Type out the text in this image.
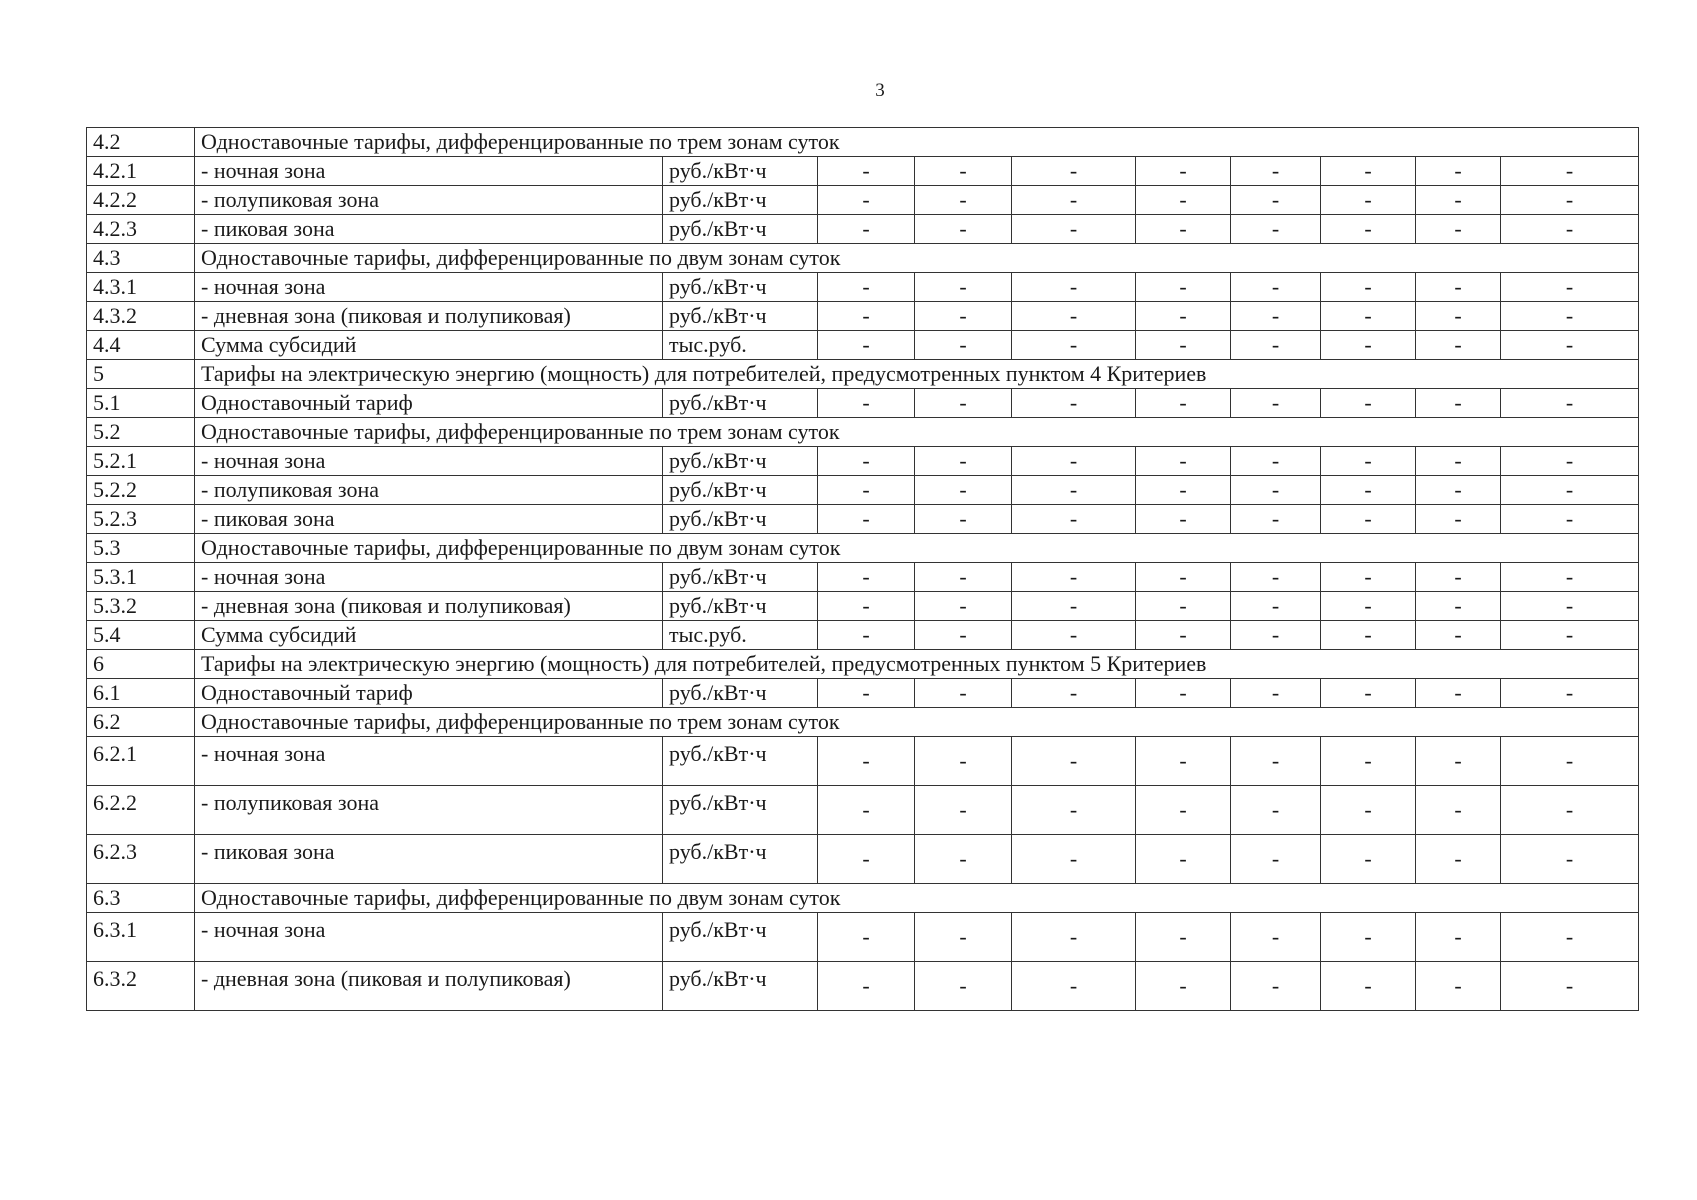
3
4.2	Одноставочные тарифы, дифференцированные по трем зонам суток									
4.2.1	- ночная зона	руб./кВт·ч	-	-	-	-	-	-	-	-
4.2.2	- полупиковая зона	руб./кВт·ч	-	-	-	-	-	-	-	-
4.2.3	- пиковая зона	руб./кВт·ч	-	-	-	-	-	-	-	-
4.3	Одноставочные тарифы, дифференцированные по двум зонам суток									
4.3.1	- ночная зона	руб./кВт·ч	-	-	-	-	-	-	-	-
4.3.2	- дневная зона (пиковая и полупиковая)	руб./кВт·ч	-	-	-	-	-	-	-	-
4.4	Сумма субсидий	тыс.руб.	-	-	-	-	-	-	-	-
5	Тарифы на электрическую энергию (мощность) для потребителей, предусмотренных пунктом 4 Критериев									
5.1	Одноставочный тариф	руб./кВт·ч	-	-	-	-	-	-	-	-
5.2	Одноставочные тарифы, дифференцированные по трем зонам суток									
5.2.1	- ночная зона	руб./кВт·ч	-	-	-	-	-	-	-	-
5.2.2	- полупиковая зона	руб./кВт·ч	-	-	-	-	-	-	-	-
5.2.3	- пиковая зона	руб./кВт·ч	-	-	-	-	-	-	-	-
5.3	Одноставочные тарифы, дифференцированные по двум зонам суток									
5.3.1	- ночная зона	руб./кВт·ч	-	-	-	-	-	-	-	-
5.3.2	- дневная зона (пиковая и полупиковая)	руб./кВт·ч	-	-	-	-	-	-	-	-
5.4	Сумма субсидий	тыс.руб.	-	-	-	-	-	-	-	-
6	Тарифы на электрическую энергию (мощность) для потребителей, предусмотренных пунктом 5 Критериев									
6.1	Одноставочный тариф	руб./кВт·ч	-	-	-	-	-	-	-	-
6.2	Одноставочные тарифы, дифференцированные по трем зонам суток									
6.2.1	- ночная зона	руб./кВт·ч	-	-	-	-	-	-	-	-
6.2.2	- полупиковая зона	руб./кВт·ч	-	-	-	-	-	-	-	-
6.2.3	- пиковая зона	руб./кВт·ч	-	-	-	-	-	-	-	-
6.3	Одноставочные тарифы, дифференцированные по двум зонам суток									
6.3.1	- ночная зона	руб./кВт·ч	-	-	-	-	-	-	-	-
6.3.2	- дневная зона (пиковая и полупиковая)	руб./кВт·ч	-	-	-	-	-	-	-	-
